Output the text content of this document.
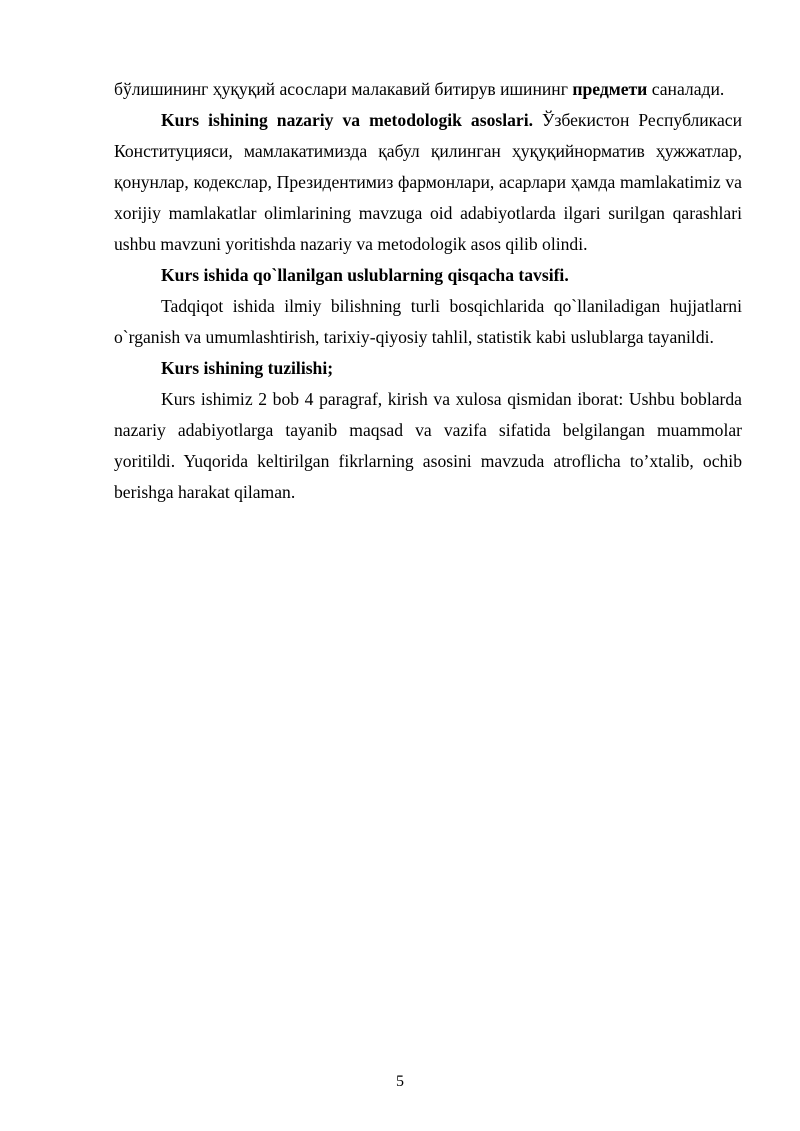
бўлишининг ҳуқуқий асослари малакавий битирув ишининг предмети саналади.

Kurs ishining nazariy va metodologik asoslari. Ўзбекистон Республикаси Конституцияси, мамлакатимизда қабул қилинган ҳуқуқийнорматив ҳужжатлар, қонунлар, кодекслар, Президентимиз фармонлари, асарлари ҳамда mamlakatimiz va xorijiy mamlakatlar olimlarining mavzuga oid adabiyotlarda ilgari surilgan qarashlari ushbu mavzuni yoritishda nazariy va metodologik asos qilib olindi.

Kurs ishida qo`llanilgan uslublarning qisqacha tavsifi.

Tadqiqot ishida ilmiy bilishning turli bosqichlarida qo`llaniladigan hujjatlarni o`rganish va umumlashtirish, tarixiy-qiyosiy tahlil, statistik kabi uslublarga tayanildi.

Kurs ishining tuzilishi;

Kurs ishimiz 2 bob 4 paragraf, kirish va xulosa qismidan iborat: Ushbu boblarda nazariy adabiyotlarga tayanib maqsad va vazifa sifatida belgilangan muammolar yoritildi. Yuqorida keltirilgan fikrlarning asosini mavzuda atroflicha to’xtalib, ochib berishga harakat qilaman.

5
